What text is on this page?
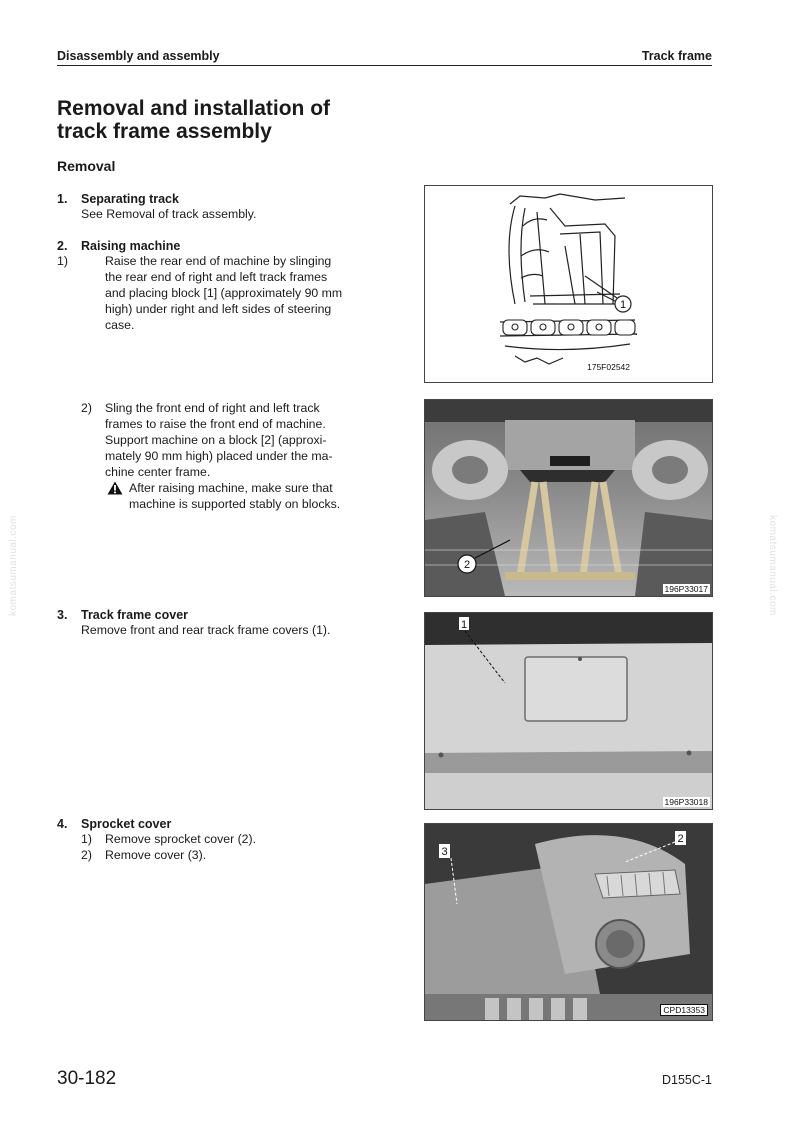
Disassembly and assembly	Track frame
Removal and installation of
track frame assembly
Removal
1. Separating track
See Removal of track assembly.
2. Raising machine
1)	Raise the rear end of machine by slinging
the rear end of right and left track frames
and placing block [1] (approximately 90 mm
high) under right and left sides of steering
case.
2) Sling the front end of right and left track
frames to raise the front end of machine.
Support machine on a block [2] (approxi-
mately 90 mm high) placed under the ma-
chine center frame.
After raising machine, make sure that
machine is supported stably on blocks.
3. Track frame cover
Remove front and rear track frame covers (1).
4. Sprocket cover
1) Remove sprocket cover (2).
2) Remove cover (3).
1
175F02542
2
196P33017
1
196P33018
3
2
CPD13353
komatsumanual.com	komatsumanual.com
30-182	D155C-1
